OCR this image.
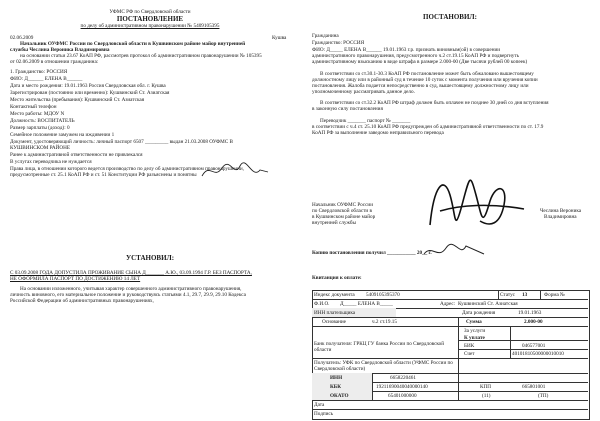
УФМС РФ по Свердловской области
ПОСТАНОВЛЕНИЕ
по делу об административном правонарушении № 5409105395
02.06.2009	Кушва
Начальник ОУФМС России по Свердловской области в Кушвинском районе майор внутренней
службы Чеслина Вероника Владимировна
на основании статьи 23.67 КоАП РФ, рассмотрев протокол об административном правонарушении № 105395
от 02.06.2009 в отношении гражданина:
1. Гражданство: РОССИЯ
ФИО: Д______ ЕЛЕНА В______
Дата и место рождения: 19.01.1963 Россия Свердловская обл. г. Кушва
Зарегистрирован (постоянно или временно): Кушвинский Ст. Азиатская
Место жительства (пребывания): Кушвинский Ст. Азиатская
Контактный телефон
Место работы: МДОУ N
Должность: ВОСПИТАТЕЛЬ
Размер зарплаты (доход): 0
Семейное положение замужем на иждивении 1
Документ, удостоверяющий личность: личный паспорт 6507 _________ выдан 21.03.2008 ОУФМС В
КУШВИНСКОМ РАЙОНЕ
Ранее к административной ответственности не привлекался
В услугах переводчика не нуждается
Права лица, в отношении которого ведется производство по делу об административном правонарушении,
предусмотренные ст. 25.1 КоАП РФ и ст. 51 Конституции РФ разъяснены и понятны
УСТАНОВИЛ:
С 03.09.2008 ГОДА ДОПУСТИЛА ПРОЖИВАНИЕ СЫНА Д_______ А.Ю., 03.09.1994 Г.Р. БЕЗ ПАСПОРТА,
НЕ ОФОРМИЛА ПАСПОРТ ПО ДОСТИЖЕНИЮ 14 ЛЕТ
На основании изложенного, учитывая характер совершенного административного правонарушения,
личность виновного, его материальное положение и руководствуясь статьями 4.1, 29.7, 29.9, 29.10 Кодекса
Российской Федерации об административных правонарушениях,
ПОСТАНОВИЛ:
Гражданина
Гражданство: РОССИЯ
ФИО: Д_____ ЕЛЕНА В______ 19.01.1963 г.р. признать виновным(ой) в совершении
административного правонарушения, предусмотренного ч.2 ст.19.15 КоАП РФ и подвергнуть
административному взысканию в виде штрафа в размере 2.000-00 (Две тысячи рублей 00 копеек)
В соответствии со ст.30.1-30.3 КоАП РФ постановление может быть обжаловано вышестоящему
должностному лицу или в районный суд в течение 10 суток с момента получения или вручения копии
постановления. Жалоба подается непосредственно в суд, вышестоящему должностному лицу или
уполномоченному рассматривать данное дело.
В соответствии со ст.32.2 КоАП РФ штраф должен быть оплачен не позднее 30 дней со дня вступления
в законную силу постановления
Переводчик _______ паспорт № _______
в соответствии с ч.4 ст. 25.10 КоАП РФ предупрежден об административной ответственности по ст. 17.9
КоАП РФ за выполнение заведомо неправильного перевода
Начальник ОУФМС России
по Свердловской области в
в Кушвинском районе майор
внутренней службы
Чеслина Вероника
Владимировна
Копию постановления получил ___________ 20__ г.
Квитанция к оплате:
Индекс документа 5409105395370	Статус 13	Форма №
Ф.И.О. Д_____ ЕЛЕНА В_____	Адрес: Кушвинский Ст. Азиатская
ИНН плательщика	Дата рождения	19.01.1963
Основание	ч.2 ст.19.15	Сумма	2.000-00
За услуги
К уплате
Банк получателя: ГРКЦ ГУ банка России по Свердловской области
БИК	046577001
Счет	40101810500000010010
Получатель: УФК по Свердловской области (УФМС России по Свердловской области)
ИНН	6658220461
КБК	19211690040040000140	КПП	665801001
ОКАТО	65401000000	(11)	(ТП)
Дата
Подпись
